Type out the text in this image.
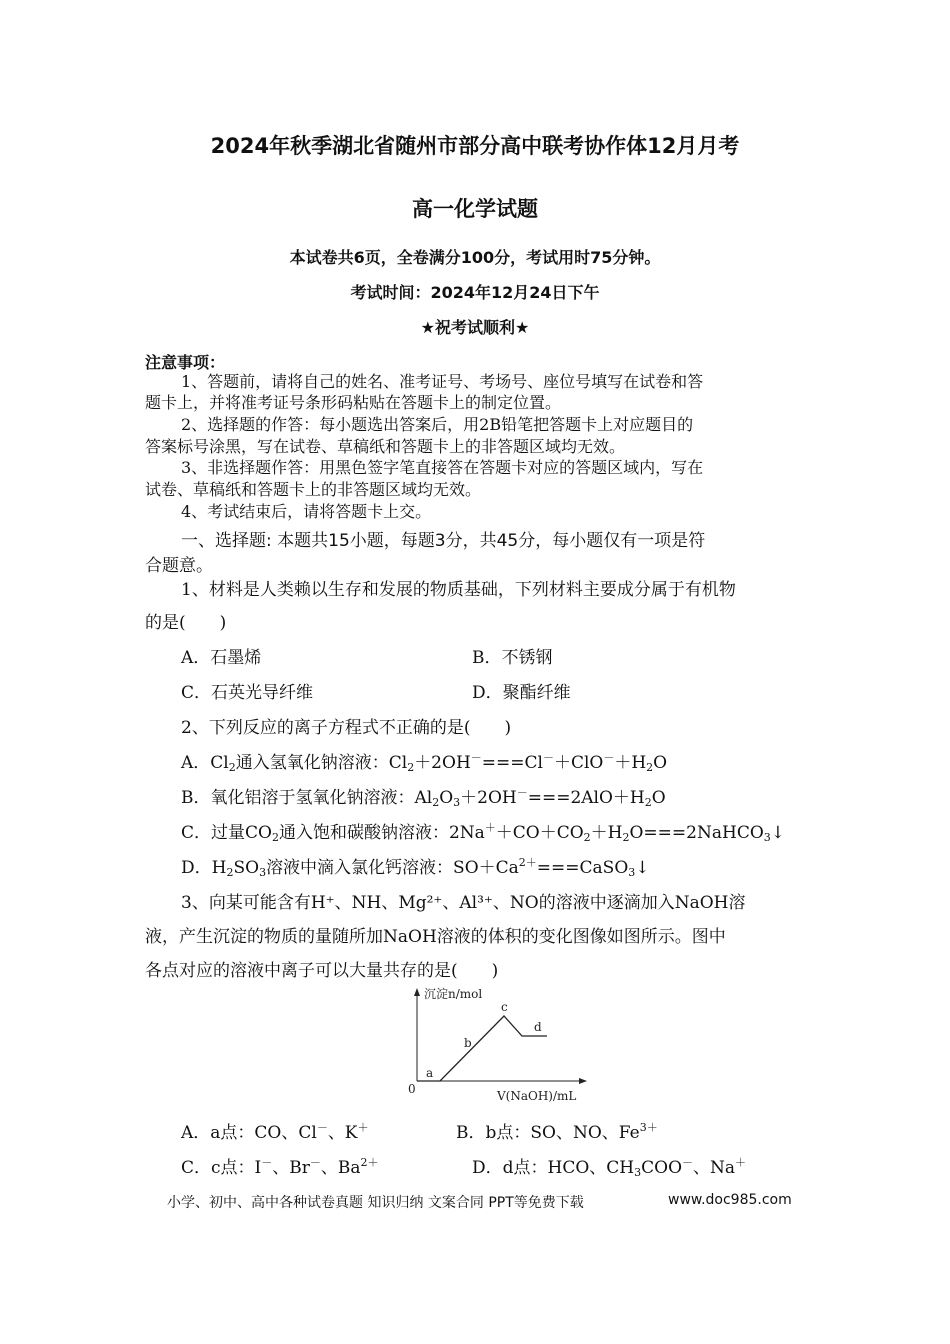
2024年秋季湖北省随州市部分高中联考协作体12月月考
高一化学试题
本试卷共6页，全卷满分100分，考试用时75分钟。
考试时间：2024年12月24日下午
★祝考试顺利★
注意事项：
1、答题前，请将自己的姓名、准考证号、考场号、座位号填写在试卷和答
题卡上，并将准考证号条形码粘贴在答题卡上的制定位置。
2、选择题的作答：每小题选出答案后，用2B铅笔把答题卡上对应题目的
答案标号涂黑，写在试卷、草稿纸和答题卡上的非答题区域均无效。
3、非选择题作答：用黑色签字笔直接答在答题卡对应的答题区域内，写在
试卷、草稿纸和答题卡上的非答题区域均无效。
4、考试结束后，请将答题卡上交。
一、选择题: 本题共15小题，每题3分，共45分，每小题仅有一项是符
合题意。
1、材料是人类赖以生存和发展的物质基础，下列材料主要成分属于有机物
的是(　　)
A．石墨烯	B．不锈钢
C．石英光导纤维	D．聚酯纤维
2、下列反应的离子方程式不正确的是(　　)
A．$Cl_2$通入氢氧化钠溶液：$Cl_2+2OH^-===Cl^-+ClO^-+H_2O$
B．氧化铝溶于氢氧化钠溶液：$Al_2O_3+2OH^-===2AlO+H_2O$
C．过量$CO_2$通入饱和碳酸钠溶液：$2Na^++CO+CO_2+H_2O===2NaHCO_3↓$
D．$H_2SO_3$溶液中滴入氯化钙溶液：$SO+Ca^{2+}===CaSO_3↓$
3、向某可能含有H⁺、NH、Mg²⁺、Al³⁺、NO的溶液中逐滴加入NaOH溶
液，产生沉淀的物质的量随所加NaOH溶液的体积的变化图像如图所示。图中
各点对应的溶液中离子可以大量共存的是(　　)
沉淀n/mol
V(NaOH)/mL
0
a
b
c
d
A．a点：CO、Cl－、K＋	B．b点：SO、NO、$Fe^{3+}$
C．c点：I－、Br－、$Ba^{2+}$	D．d点：HCO、$CH_3COO^-$、Na＋
小学、初中、高中各种试卷真题 知识归纳 文案合同 PPT等免费下载	www.doc985.com
